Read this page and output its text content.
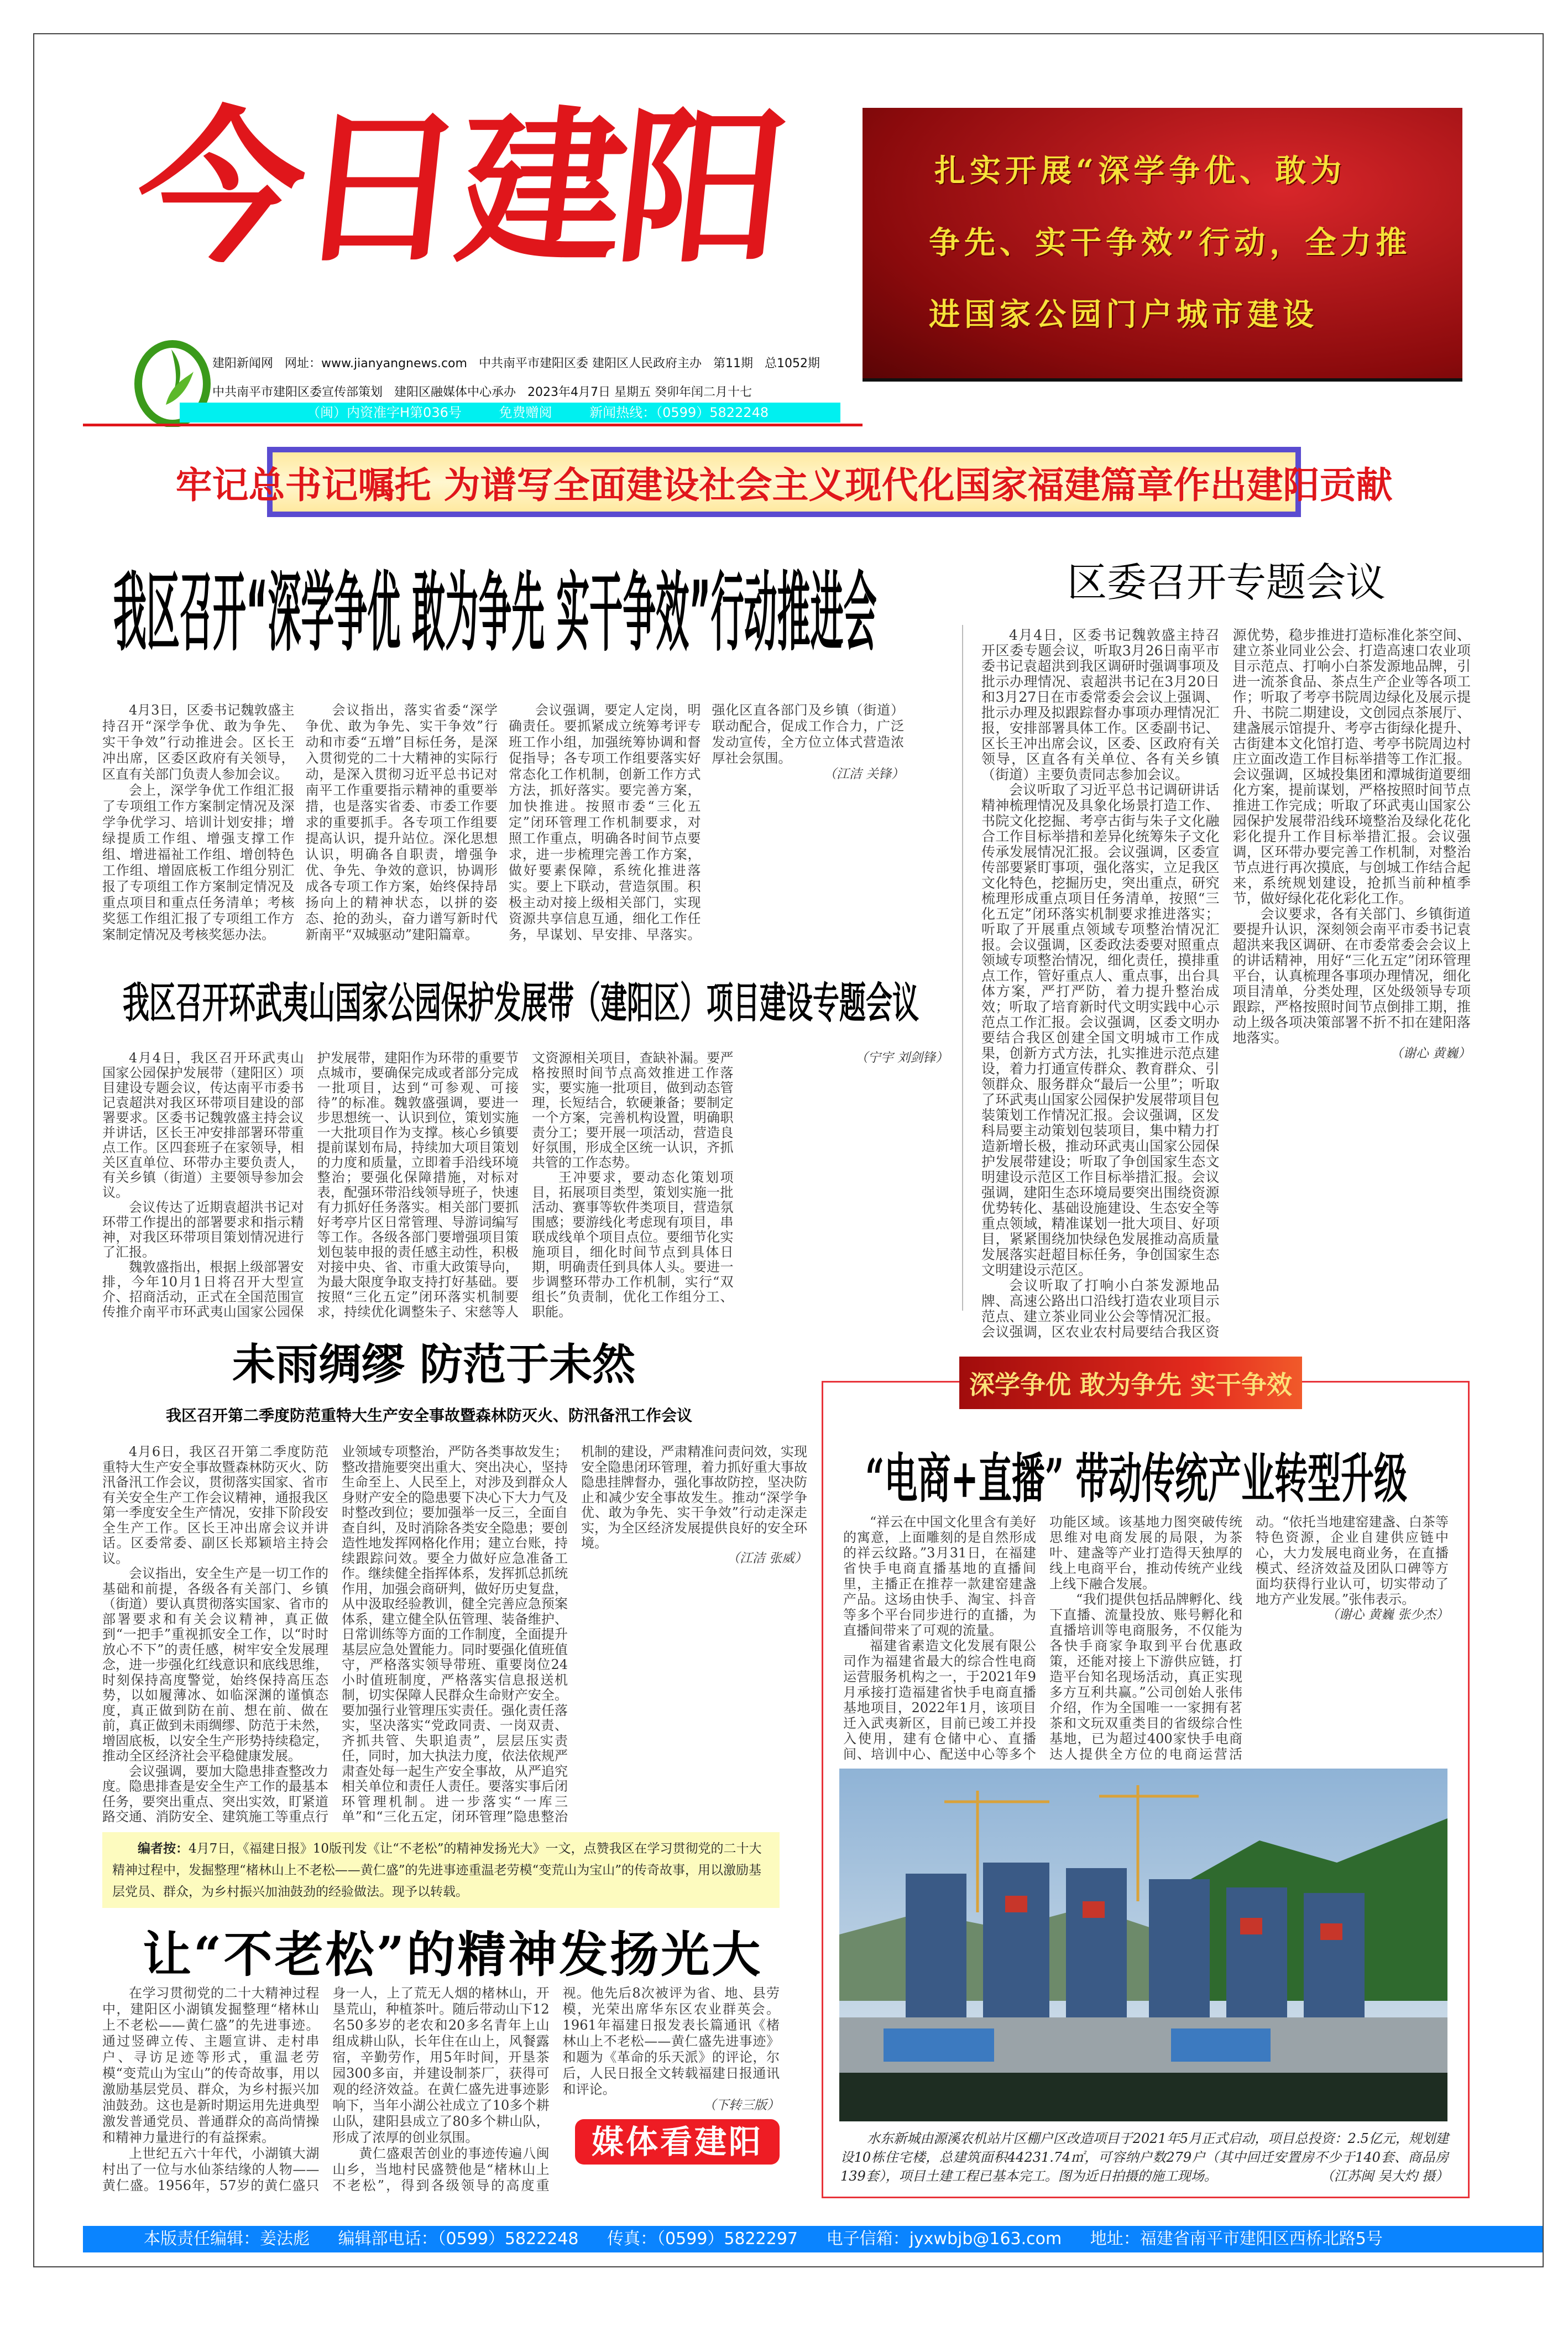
今日建阳
建阳新闻网 网址：www.jianyangnews.com 中共南平市建阳区委 建阳区人民政府主办 第11期 总1052期
中共南平市建阳区委宣传部策划 建阳区融媒体中心承办 2023年4月7日 星期五 癸卯年闰二月十七
（闽）内资准字H第036号	免费赠阅	新闻热线：（0599）5822248
扎实开展“深学争优、敢为
争先、实干争效”行动，全力推
进国家公园门户城市建设
牢记总书记嘱托 为谱写全面建设社会主义现代化国家福建篇章作出建阳贡献
我区召开“深学争优 敢为争先 实干争效”行动推进会

4月3日，区委书记魏敦盛主持召开“深学争优、敢为争先、实干争效”行动推进会。区长王冲出席，区委区政府有关领导，区直有关部门负责人参加会议。

会上，深学争优工作组汇报了专项组工作方案制定情况及深学争优学习、培训计划安排；增绿提质工作组、增强支撑工作组、增进福祉工作组、增创特色工作组、增固底板工作组分别汇报了专项组工作方案制定情况及重点项目和重点任务清单；考核奖惩工作组汇报了专项组工作方案制定情况及考核奖惩办法。

会议指出，落实省委“深学争优、敢为争先、实干争效”行动和市委“五增”目标任务，是深入贯彻党的二十大精神的实际行动，是深入贯彻习近平总书记对南平工作重要指示精神的重要举措，也是落实省委、市委工作要求的重要抓手。各专项工作组要提高认识，提升站位。深化思想认识，明确各自职责，增强争优、争先、争效的意识，协调形成各专项工作方案，始终保持昂扬向上的精神状态，以拼的姿态、抢的劲头，奋力谱写新时代新南平“双城驱动”建阳篇章。

会议强调，要定人定岗，明确责任。要抓紧成立统筹考评专班工作小组，加强统筹协调和督促指导；各专项工作组要落实好常态化工作机制，创新工作方式方法，抓好落实。要完善方案，加快推进。按照市委“三化五定”闭环管理工作机制要求，对照工作重点，明确各时间节点要求，进一步梳理完善工作方案，做好要素保障，系统化推进落实。要上下联动，营造氛围。积极主动对接上级相关部门，实现资源共享信息互通，细化工作任务，早谋划、早安排、早落实。强化区直各部门及乡镇（街道）联动配合，促成工作合力，广泛发动宣传，全方位立体式营造浓厚社会氛围。

（江洁 关锋）
区委召开专题会议

4月4日，区委书记魏敦盛主持召开区委专题会议，听取3月26日南平市委书记袁超洪到我区调研时强调事项及批示办理情况、袁超洪书记在3月20日和3月27日在市委常委会会议上强调、批示办理及拟跟踪督办事项办理情况汇报，安排部署具体工作。区委副书记、区长王冲出席会议，区委、区政府有关领导，区直各有关单位、各有关乡镇（街道）主要负责同志参加会议。

会议听取了习近平总书记调研讲话精神梳理情况及具象化场景打造工作、书院文化挖掘、考亭古街与朱子文化融合工作目标举措和差异化统筹朱子文化传承发展情况汇报。会议强调，区委宣传部要紧盯事项，强化落实，立足我区文化特色，挖掘历史，突出重点，研究梳理形成重点项目任务清单，按照“三化五定”闭环落实机制要求推进落实；听取了开展重点领域专项整治情况汇报。会议强调，区委政法委要对照重点领域专项整治情况，细化责任，摸排重点工作，管好重点人、重点事，出台具体方案，严打严防，着力提升整治成效；听取了培育新时代文明实践中心示范点工作汇报。会议强调，区委文明办要结合我区创建全国文明城市工作成果，创新方式方法，扎实推进示范点建设，着力打通宣传群众、教育群众、引领群众、服务群众“最后一公里”；听取了环武夷山国家公园保护发展带项目包装策划工作情况汇报。会议强调，区发科局要主动策划包装项目，集中精力打造新增长极，推动环武夷山国家公园保护发展带建设；听取了争创国家生态文明建设示范区工作目标举措汇报。会议强调，建阳生态环境局要突出围绕资源优势转化、基础设施建设、生态安全等重点领域，精准谋划一批大项目、好项目，紧紧围绕加快绿色发展推动高质量发展落实赶超目标任务，争创国家生态文明建设示范区。

会议听取了打响小白茶发源地品牌、高速公路出口沿线打造农业项目示范点、建立茶业同业公会等情况汇报。会议强调，区农业农村局要结合我区资源优势，稳步推进打造标准化茶空间、建立茶业同业公会、打造高速口农业项目示范点、打响小白茶发源地品牌，引进一流茶食品、茶点生产企业等各项工作；听取了考亭书院周边绿化及展示提升、书院二期建设，文创园点茶展厅、建盏展示馆提升、考亭古街绿化提升、古街建本文化馆打造、考亭书院周边村庄立面改造工作目标举措等工作汇报。会议强调，区城投集团和潭城街道要细化方案，提前谋划，严格按照时间节点推进工作完成；听取了环武夷山国家公园保护发展带沿线环境整治及绿化花化彩化提升工作目标举措汇报。会议强调，区环带办要完善工作机制，对整治节点进行再次摸底，与创城工作结合起来，系统规划建设，抢抓当前种植季节，做好绿化花化彩化工作。

会议要求，各有关部门、乡镇街道要提升认识，深刻领会南平市委书记袁超洪来我区调研、在市委常委会会议上的讲话精神，用好“三化五定”闭环管理平台，认真梳理各事项办理情况，细化项目清单，分类处理，区处级领导专项跟踪，严格按照时间节点倒排工期，推动上级各项决策部署不折不扣在建阳落地落实。

（谢心 黄巍）
我区召开环武夷山国家公园保护发展带（建阳区）项目建设专题会议

4月4日，我区召开环武夷山国家公园保护发展带（建阳区）项目建设专题会议，传达南平市委书记袁超洪对我区环带项目建设的部署要求。区委书记魏敦盛主持会议并讲话，区长王冲安排部署环带重点工作。区四套班子在家领导，相关区直单位、环带办主要负责人，有关乡镇（街道）主要领导参加会议。

会议传达了近期袁超洪书记对环带工作提出的部署要求和指示精神，对我区环带项目策划情况进行了汇报。

魏敦盛指出，根据上级部署安排，今年10月1日将召开大型宣介、招商活动，正式在全国范围宣传推介南平市环武夷山国家公园保护发展带，建阳作为环带的重要节点城市，要确保完成或者部分完成一批项目，达到“可参观、可接待”的标准。魏敦盛强调，要进一步思想统一、认识到位，策划实施一大批项目作为支撑。核心乡镇要提前谋划布局，持续加大项目策划的力度和质量，立即着手沿线环境整治；要强化保障措施，对标对表，配强环带沿线领导班子，快速有力抓好任务落实。相关部门要抓好考亭片区日常管理、导游词编写等工作。各级各部门要增强项目策划包装申报的责任感主动性，积极对接中央、省、市重大政策导向，为最大限度争取支持打好基础。要按照“三化五定”闭环落实机制要求，持续优化调整朱子、宋慈等人文资源相关项目，查缺补漏。要严格按照时间节点高效推进工作落实，要实施一批项目，做到动态管理，长短结合，软硬兼备；要制定一个方案，完善机构设置，明确职责分工；要开展一项活动，营造良好氛围，形成全区统一认识，齐抓共管的工作态势。

王冲要求，要动态化策划项目，拓展项目类型，策划实施一批活动、赛事等软件类项目，营造氛围感；要游线化考虑现有项目，串联成线单个项目点位。要细节化实施项目，细化时间节点到具体日期，明确责任到具体人头。要进一步调整环带办工作机制，实行“双组长”负责制，优化工作组分工、职能。

（宁宇 刘剑锋）
未雨绸缪 防范于未然
我区召开第二季度防范重特大生产安全事故暨森林防灭火、防汛备汛工作会议

4月6日，我区召开第二季度防范重特大生产安全事故暨森林防灭火、防汛备汛工作会议，贯彻落实国家、省市有关安全生产工作会议精神，通报我区第一季度安全生产情况，安排下阶段安全生产工作。区长王冲出席会议并讲话。区委常委、副区长郑颖培主持会议。

会议指出，安全生产是一切工作的基础和前提，各级各有关部门、乡镇（街道）要认真贯彻落实国家、省市的部署要求和有关会议精神，真正做到“一把手”重视抓安全工作，以“时时放心不下”的责任感，树牢安全发展理念，进一步强化红线意识和底线思维，时刻保持高度警觉，始终保持高压态势，以如履薄冰、如临深渊的谨慎态度，真正做到防在前、想在前、做在前，真正做到未雨绸缪、防范于未然，增固底板，以安全生产形势持续稳定，推动全区经济社会平稳健康发展。

会议强调，要加大隐患排查整改力度。隐患排查是安全生产工作的最基本任务，要突出重点、突出实效，盯紧道路交通、消防安全、建筑施工等重点行业领域专项整治，严防各类事故发生；整改措施要突出重大、突出决心，坚持生命至上、人民至上，对涉及到群众人身财产安全的隐患要下决心下大力气及时整改到位；要加强举一反三，全面自查自纠，及时消除各类安全隐患；要创造性地发挥网格化作用；建立台账，持续跟踪问效。要全力做好应急准备工作。继续健全指挥体系，发挥抓总抓统作用，加强会商研判，做好历史复盘，从中汲取经验教训，健全完善应急预案体系，建立健全队伍管理、装备维护、日常训练等方面的工作制度，全面提升基层应急处置能力。同时要强化值班值守，严格落实领导带班、重要岗位24小时值班制度，严格落实信息报送机制，切实保障人民群众生命财产安全。要加强行业管理压实责任。强化责任落实，坚决落实“党政同责、一岗双责、齐抓共管、失职追责”，层层压实责任，同时，加大执法力度，依法依规严肃查处每一起生产安全事故，从严追究相关单位和责任人责任。要落实事后闭环管理机制。进一步落实“一库三单”和“三化五定，闭环管理”隐患整治机制的建设，严肃精准问责问效，实现安全隐患闭环管理，着力抓好重大事故隐患挂牌督办，强化事故防控，坚决防止和减少安全事故发生。推动“深学争优、敢为争先、实干争效”行动走深走实，为全区经济发展提供良好的安全环境。

（江洁 张威）
深学争优 敢为争先 实干争效
“电商+直播” 带动传统产业转型升级

“祥云在中国文化里含有美好的寓意，上面雕刻的是自然形成的祥云纹路。”3月31日，在福建省快手电商直播基地的直播间里，主播正在推荐一款建窑建盏产品。这场由快手、淘宝、抖音等多个平台同步进行的直播，为直播间带来了可观的流量。

福建省素造文化发展有限公司作为福建省最大的综合性电商运营服务机构之一，于2021年9月承接打造福建省快手电商直播基地项目，2022年1月，该项目迁入武夷新区，目前已竣工并投入使用，建有仓储中心、直播间、培训中心、配送中心等多个功能区域。该基地力图突破传统思维对电商发展的局限，为茶叶、建盏等产业打造得天独厚的线上电商平台，推动传统产业线上线下融合发展。

“我们提供包括品牌孵化、线下直播、流量投放、账号孵化和直播培训等电商服务，不仅能为各快手商家争取到平台优惠政策，还能对接上下游供应链，打造平台知名现场活动，真正实现多方互利共赢。”公司创始人张伟介绍，作为全国唯一一家拥有茗茶和文玩双重类目的省级综合性基地，已为超过400家快手电商达人提供全方位的电商运营活动。“依托当地建窑建盏、白茶等特色资源，企业自建供应链中心，大力发展电商业务，在直播模式、经济效益及团队口碑等方面均获得行业认可，切实带动了地方产业发展。”张伟表示。

（谢心 黄巍 张少杰）
水东新城由源溪农机站片区棚户区改造项目于2021年5月正式启动，项目总投资：2.5亿元，规划建设10栋住宅楼，总建筑面积44231.74㎡，可容纳户数279户（其中回迁安置房不少于140套、商品房139套），项目土建工程已基本完工。图为近日拍摄的施工现场。	（江苏闽 吴大灼 摄）
编者按：4月7日，《福建日报》10版刊发《让“不老松”的精神发扬光大》一文，点赞我区在学习贯彻党的二十大精神过程中，发掘整理“楮林山上不老松——黄仁盛”的先进事迹重温老劳模“变荒山为宝山”的传奇故事，用以激励基层党员、群众，为乡村振兴加油鼓劲的经验做法。现予以转载。
让“不老松”的精神发扬光大

在学习贯彻党的二十大精神过程中，建阳区小湖镇发掘整理“楮林山上不老松——黄仁盛”的先进事迹。通过竖碑立传、主题宣讲、走村串户、寻访足迹等形式，重温老劳模“变荒山为宝山”的传奇故事，用以激励基层党员、群众，为乡村振兴加油鼓劲。这也是新时期运用先进典型激发普通党员、普通群众的高尚情操和精神力量进行的有益探索。

上世纪五六十年代，小湖镇大湖村出了一位与水仙茶结缘的人物——黄仁盛。1956年，57岁的黄仁盛只身一人，上了荒无人烟的楮林山，开垦荒山，种植茶叶。随后带动山下12名50多岁的老农和20多名青年上山组成耕山队，长年住在山上，风餐露宿，辛勤劳作，用5年时间，开垦茶园300多亩，并建设制茶厂，获得可观的经济效益。在黄仁盛先进事迹影响下，当年小湖公社成立了10多个耕山队，建阳县成立了80多个耕山队，形成了浓厚的创业氛围。

黄仁盛艰苦创业的事迹传遍八闽山乡，当地村民盛赞他是“楮林山上不老松”，得到各级领导的高度重视。他先后8次被评为省、地、县劳模，光荣出席华东区农业群英会。1961年福建日报发表长篇通讯《楮林山上不老松——黄仁盛先进事迹》和题为《革命的乐天派》的评论，尔后，人民日报全文转载福建日报通讯和评论。

（下转三版）
媒体看建阳
本版责任编辑：姜法彪 编辑部电话：（0599）5822248 传真：（0599）5822297 电子信箱：jyxwbjb@163.com 地址：福建省南平市建阳区西桥北路5号
